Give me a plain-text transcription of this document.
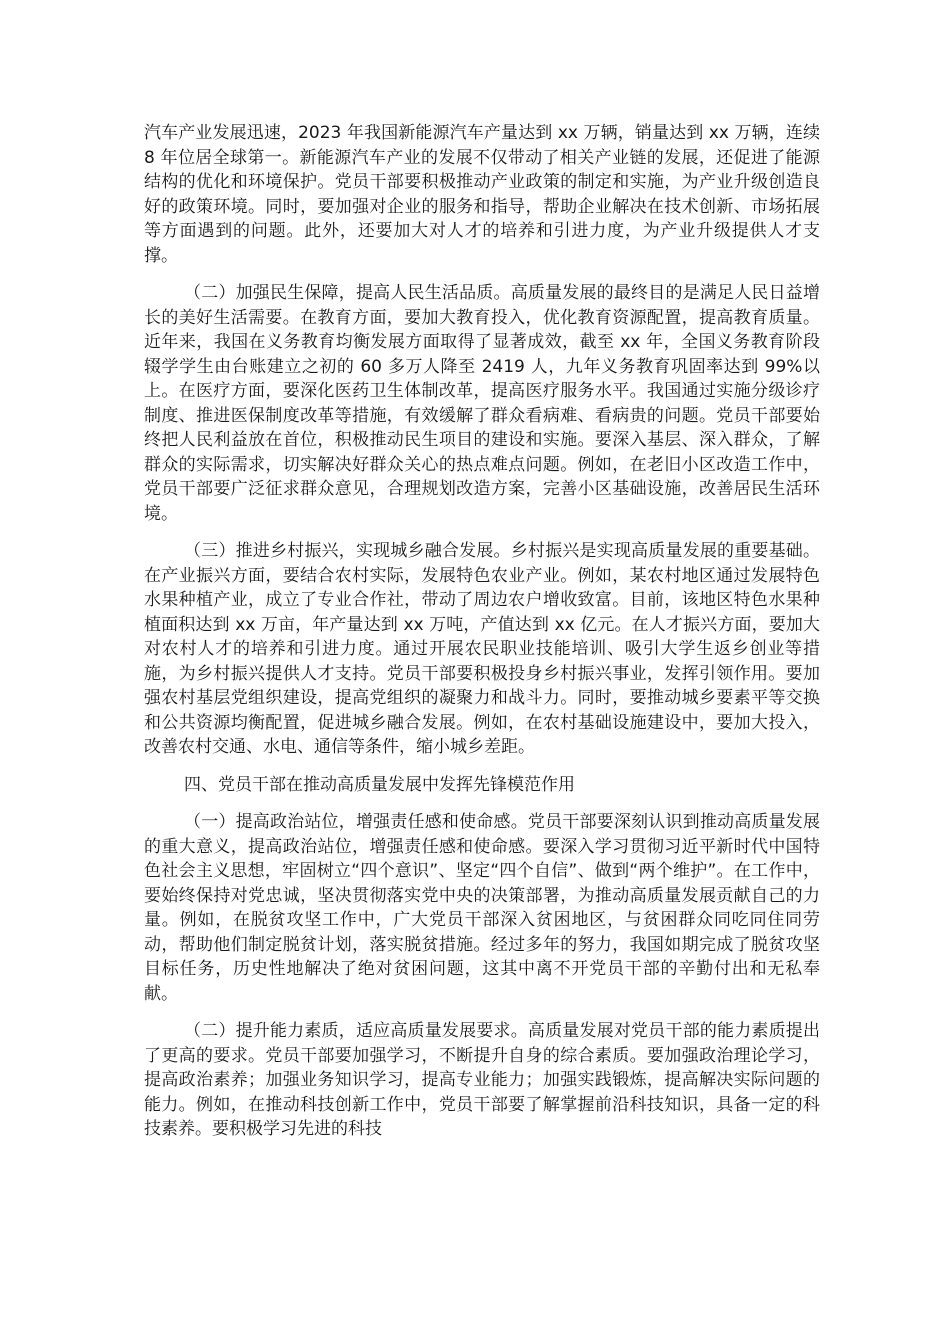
汽车产业发展迅速，2023 年我国新能源汽车产量达到 xx 万辆，销量达到 xx 万辆，连续 8 年位居全球第一。新能源汽车产业的发展不仅带动了相关产业链的发展，还促进了能源结构的优化和环境保护。党员干部要积极推动产业政策的制定和实施，为产业升级创造良好的政策环境。同时，要加强对企业的服务和指导，帮助企业解决在技术创新、市场拓展等方面遇到的问题。此外，还要加大对人才的培养和引进力度，为产业升级提供人才支撑。

（二）加强民生保障，提高人民生活品质。高质量发展的最终目的是满足人民日益增长的美好生活需要。在教育方面，要加大教育投入，优化教育资源配置，提高教育质量。近年来，我国在义务教育均衡发展方面取得了显著成效，截至 xx 年，全国义务教育阶段辍学学生由台账建立之初的 60 多万人降至 2419 人，九年义务教育巩固率达到 99%以上。在医疗方面，要深化医药卫生体制改革，提高医疗服务水平。我国通过实施分级诊疗制度、推进医保制度改革等措施，有效缓解了群众看病难、看病贵的问题。党员干部要始终把人民利益放在首位，积极推动民生项目的建设和实施。要深入基层、深入群众，了解群众的实际需求，切实解决好群众关心的热点难点问题。例如，在老旧小区改造工作中，党员干部要广泛征求群众意见，合理规划改造方案，完善小区基础设施，改善居民生活环境。

（三）推进乡村振兴，实现城乡融合发展。乡村振兴是实现高质量发展的重要基础。在产业振兴方面，要结合农村实际，发展特色农业产业。例如，某农村地区通过发展特色水果种植产业，成立了专业合作社，带动了周边农户增收致富。目前，该地区特色水果种植面积达到 xx 万亩，年产量达到 xx 万吨，产值达到 xx 亿元。在人才振兴方面，要加大对农村人才的培养和引进力度。通过开展农民职业技能培训、吸引大学生返乡创业等措施，为乡村振兴提供人才支持。党员干部要积极投身乡村振兴事业，发挥引领作用。要加强农村基层党组织建设，提高党组织的凝聚力和战斗力。同时，要推动城乡要素平等交换和公共资源均衡配置，促进城乡融合发展。例如，在农村基础设施建设中，要加大投入，改善农村交通、水电、通信等条件，缩小城乡差距。

四、党员干部在推动高质量发展中发挥先锋模范作用

（一）提高政治站位，增强责任感和使命感。党员干部要深刻认识到推动高质量发展的重大意义，提高政治站位，增强责任感和使命感。要深入学习贯彻习近平新时代中国特色社会主义思想，牢固树立“四个意识”、坚定“四个自信”、做到“两个维护”。在工作中，要始终保持对党忠诚，坚决贯彻落实党中央的决策部署，为推动高质量发展贡献自己的力量。例如，在脱贫攻坚工作中，广大党员干部深入贫困地区，与贫困群众同吃同住同劳动，帮助他们制定脱贫计划，落实脱贫措施。经过多年的努力，我国如期完成了脱贫攻坚目标任务，历史性地解决了绝对贫困问题，这其中离不开党员干部的辛勤付出和无私奉献。

（二）提升能力素质，适应高质量发展要求。高质量发展对党员干部的能力素质提出了更高的要求。党员干部要加强学习，不断提升自身的综合素质。要加强政治理论学习，提高政治素养；加强业务知识学习，提高专业能力；加强实践锻炼，提高解决实际问题的能力。例如，在推动科技创新工作中，党员干部要了解掌握前沿科技知识，具备一定的科技素养。要积极学习先进的科技
